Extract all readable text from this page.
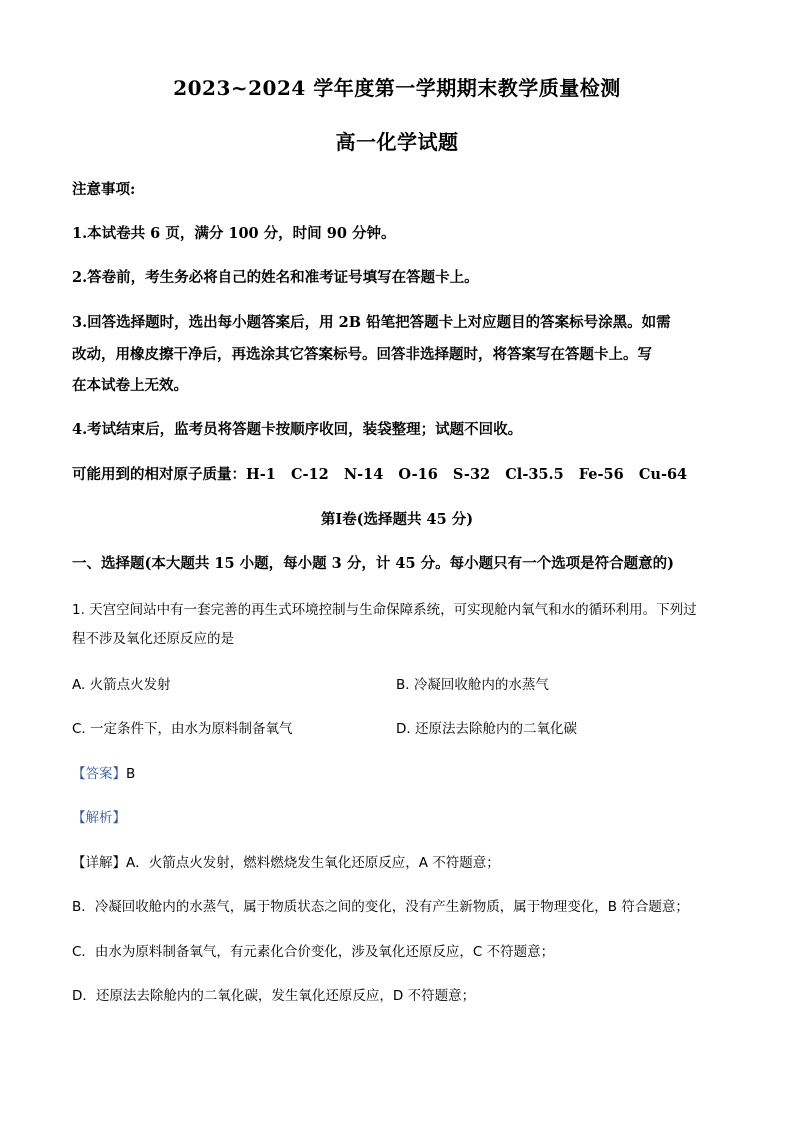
2023~2024 学年度第一学期期末教学质量检测
高一化学试题
注意事项:
1.本试卷共 6 页，满分 100 分，时间 90 分钟。
2.答卷前，考生务必将自己的姓名和准考证号填写在答题卡上。
3.回答选择题时，选出每小题答案后，用 2B 铅笔把答题卡上对应题目的答案标号涂黑。如需
改动，用橡皮擦干净后，再选涂其它答案标号。回答非选择题时，将答案写在答题卡上。写
在本试卷上无效。
4.考试结束后，监考员将答题卡按顺序收回，装袋整理；试题不回收。
可能用到的相对原子质量：H-1   C-12   N-14   O-16   S-32   Cl-35.5   Fe-56   Cu-64
第Ⅰ卷(选择题共 45 分)
一、选择题(本大题共 15 小题，每小题 3 分，计 45 分。每小题只有一个选项是符合题意的)
1. 天宫空间站中有一套完善的再生式环境控制与生命保障系统，可实现舱内氧气和水的循环利用。下列过
程不涉及氧化还原反应的是
A. 火箭点火发射	B. 冷凝回收舱内的水蒸气
C. 一定条件下，由水为原料制备氧气	D. 还原法去除舱内的二氧化碳
【答案】B
【解析】
【详解】A．火箭点火发射，燃料燃烧发生氧化还原反应，A 不符题意；
B．冷凝回收舱内的水蒸气，属于物质状态之间的变化，没有产生新物质，属于物理变化，B 符合题意；
C．由水为原料制备氧气，有元素化合价变化，涉及氧化还原反应，C 不符题意；
D．还原法去除舱内的二氧化碳，发生氧化还原反应，D 不符题意；
